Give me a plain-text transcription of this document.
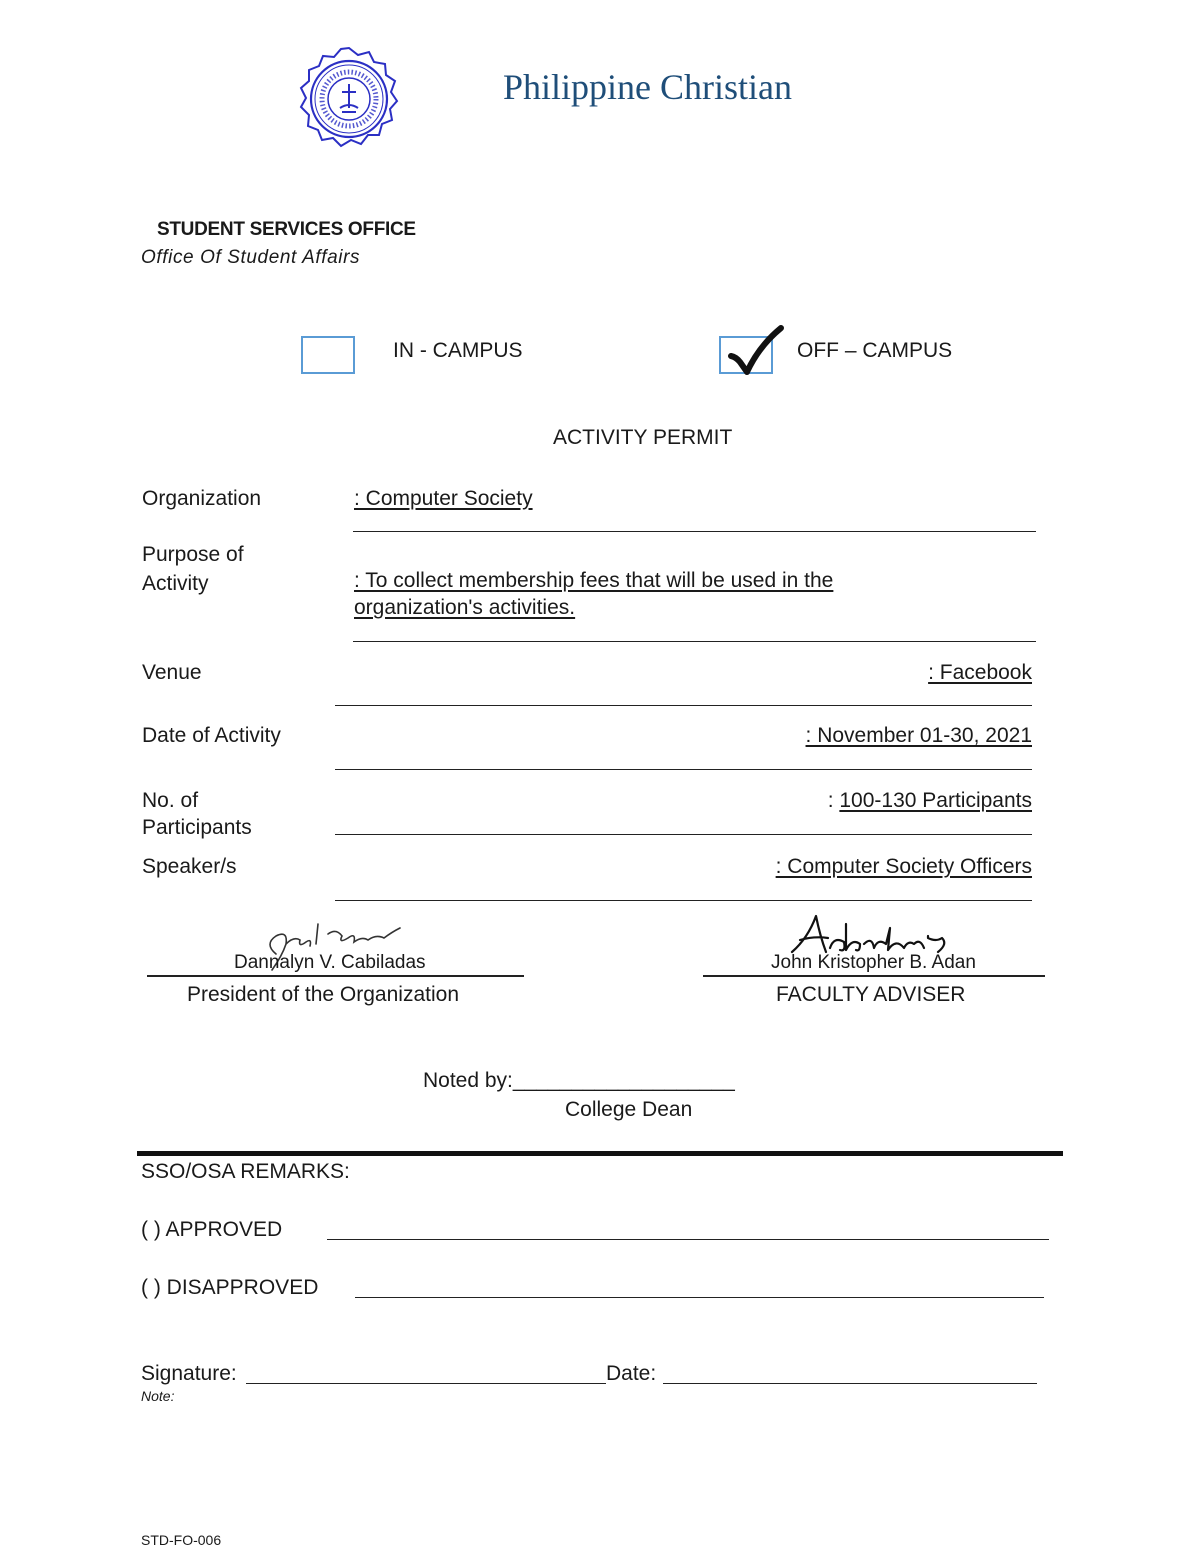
Philippine Christian
STUDENT SERVICES OFFICE
Office Of Student Affairs
IN - CAMPUS	OFF – CAMPUS
ACTIVITY PERMIT
Organization	: Computer Society
Purpose of
Activity	: To collect membership fees that will be used in the
organization's activities.
Venue	: Facebook
Date of Activity	: November 01-30, 2021
No. of
Participants
: 100-130 Participants
Speaker/s	: Computer Society Officers
Dannalyn V. Cabiladas
President of the Organization
John Kristopher B. Adan
FACULTY ADVISER
Noted by:___________________
College Dean
SSO/OSA REMARKS:
( ) APPROVED
( ) DISAPPROVED
Signature:	Date:
Note:
STD-FO-006
